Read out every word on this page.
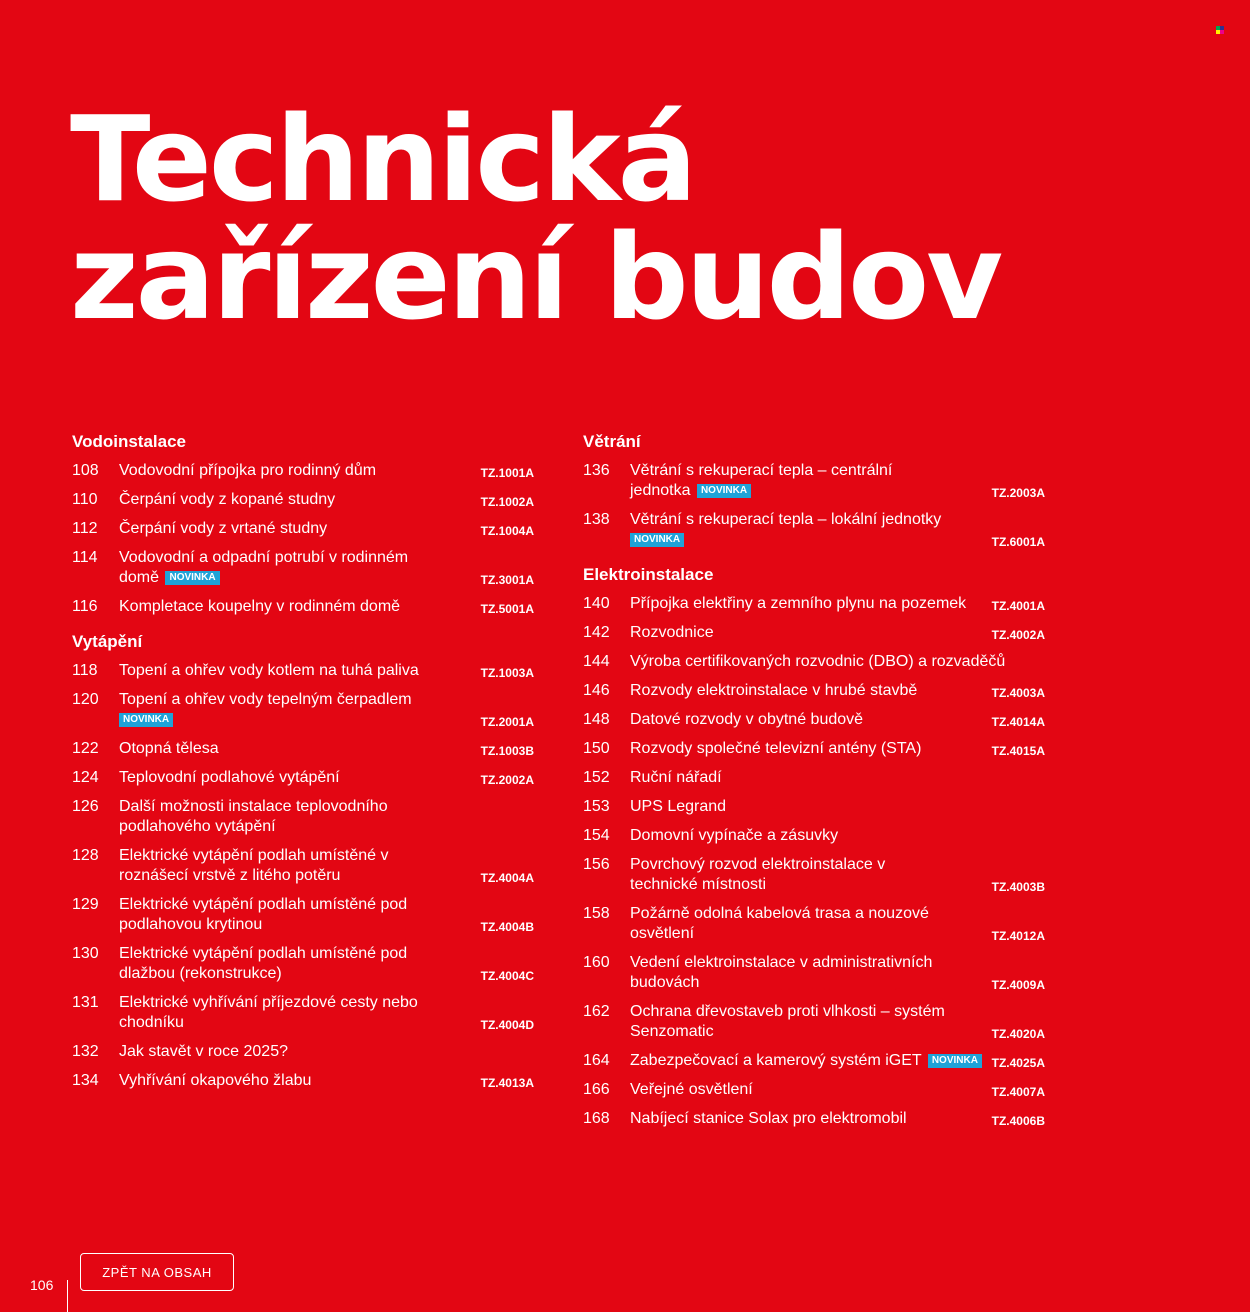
Technická
zařízení budov
Vodoinstalace
108	Vodovodní přípojka pro rodinný dům	TZ.1001A
110	Čerpání vody z kopané studny	TZ.1002A
112	Čerpání vody z vrtané studny	TZ.1004A
114	Vodovodní a odpadní potrubí v rodinném domě NOVINKA	TZ.3001A
116	Kompletace koupelny v rodinném domě	TZ.5001A
Vytápění
118	Topení a ohřev vody kotlem na tuhá paliva	TZ.1003A
120	Topení a ohřev vody tepelným čerpadlem
NOVINKA	TZ.2001A
122	Otopná tělesa	TZ.1003B
124	Teplovodní podlahové vytápění	TZ.2002A
126	Další možnosti instalace teplovodního podlahového vytápění
128	Elektrické vytápění podlah umístěné v roznášecí vrstvě z litého potěru	TZ.4004A
129	Elektrické vytápění podlah umístěné pod podlahovou krytinou	TZ.4004B
130	Elektrické vytápění podlah umístěné pod dlažbou (rekonstrukce)	TZ.4004C
131	Elektrické vyhřívání příjezdové cesty nebo chodníku	TZ.4004D
132	Jak stavět v roce 2025?
134	Vyhřívání okapového žlabu	TZ.4013A
Větrání
136	Větrání s rekuperací tepla – centrální jednotka NOVINKA	TZ.2003A
138	Větrání s rekuperací tepla – lokální jednotky
NOVINKA	TZ.6001A
Elektroinstalace
140	Přípojka elektřiny a zemního plynu na pozemek	TZ.4001A
142	Rozvodnice	TZ.4002A
144	Výroba certifikovaných rozvodnic (DBO) a rozvaděčů
146	Rozvody elektroinstalace v hrubé stavbě	TZ.4003A
148	Datové rozvody v obytné budově	TZ.4014A
150	Rozvody společné televizní antény (STA)	TZ.4015A
152	Ruční nářadí
153	UPS Legrand
154	Domovní vypínače a zásuvky
156	Povrchový rozvod elektroinstalace v technické místnosti	TZ.4003B
158	Požárně odolná kabelová trasa a nouzové osvětlení	TZ.4012A
160	Vedení elektroinstalace v administrativních budovách	TZ.4009A
162	Ochrana dřevostaveb proti vlhkosti – systém Senzomatic	TZ.4020A
164	Zabezpečovací a kamerový systém iGET NOVINKA	TZ.4025A
166	Veřejné osvětlení	TZ.4007A
168	Nabíjecí stanice Solax pro elektromobil	TZ.4006B
ZPĚT NA OBSAH
106
